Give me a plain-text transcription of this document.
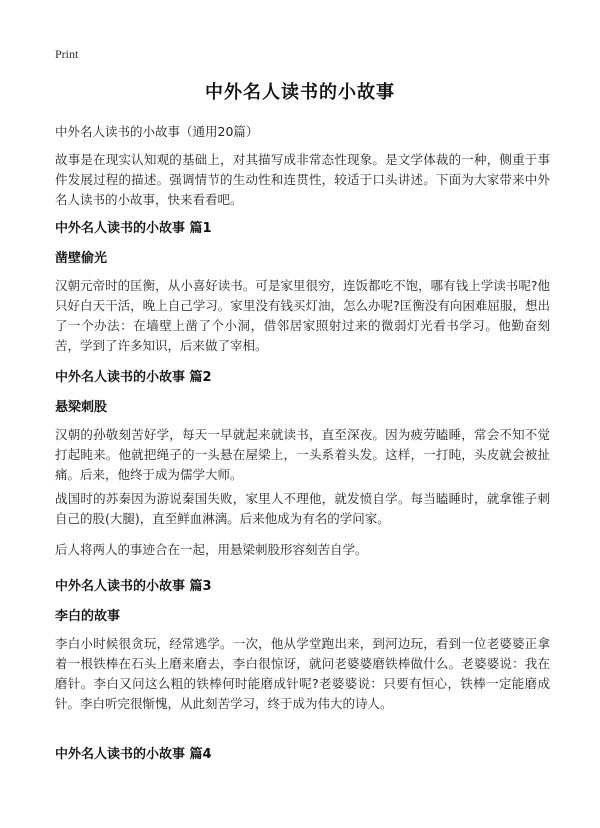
Print
中外名人读书的小故事
中外名人读书的小故事（通用20篇）

故事是在现实认知观的基础上，对其描写成非常态性现象。是文学体裁的一种，侧重于事件发展过程的描述。强调情节的生动性和连贯性，较适于口头讲述。下面为大家带来中外名人读书的小故事，快来看看吧。

中外名人读书的小故事 篇1
凿壁偷光

汉朝元帝时的匡衡，从小喜好读书。可是家里很穷，连饭都吃不饱，哪有钱上学读书呢?他只好白天干活，晚上自己学习。家里没有钱买灯油，怎么办呢?匡衡没有向困难屈服，想出了一个办法：在墙壁上凿了个小洞，借邻居家照射过来的微弱灯光看书学习。他勤奋刻苦，学到了许多知识，后来做了宰相。

中外名人读书的小故事 篇2
悬梁刺股

汉朝的孙敬刻苦好学，每天一早就起来就读书，直至深夜。因为疲劳瞌睡，常会不知不觉打起盹来。他就把绳子的一头悬在屋梁上，一头系着头发。这样，一打盹，头皮就会被扯痛。后来，他终于成为儒学大师。

战国时的苏秦因为游说秦国失败，家里人不理他，就发愤自学。每当瞌睡时，就拿锥子刺自己的股(大腿)，直至鲜血淋漓。后来他成为有名的学问家。

后人将两人的事迹合在一起，用悬梁刺股形容刻苦自学。

中外名人读书的小故事 篇3
李白的故事

李白小时候很贪玩，经常逃学。一次，他从学堂跑出来，到河边玩，看到一位老婆婆正拿着一根铁棒在石头上磨来磨去，李白很惊讶，就问老婆婆磨铁棒做什么。老婆婆说：我在磨针。李白又问这么粗的铁棒何时能磨成针呢?老婆婆说：只要有恒心，铁棒一定能磨成针。李白听完很惭愧，从此刻苦学习，终于成为伟大的诗人。

中外名人读书的小故事 篇4
